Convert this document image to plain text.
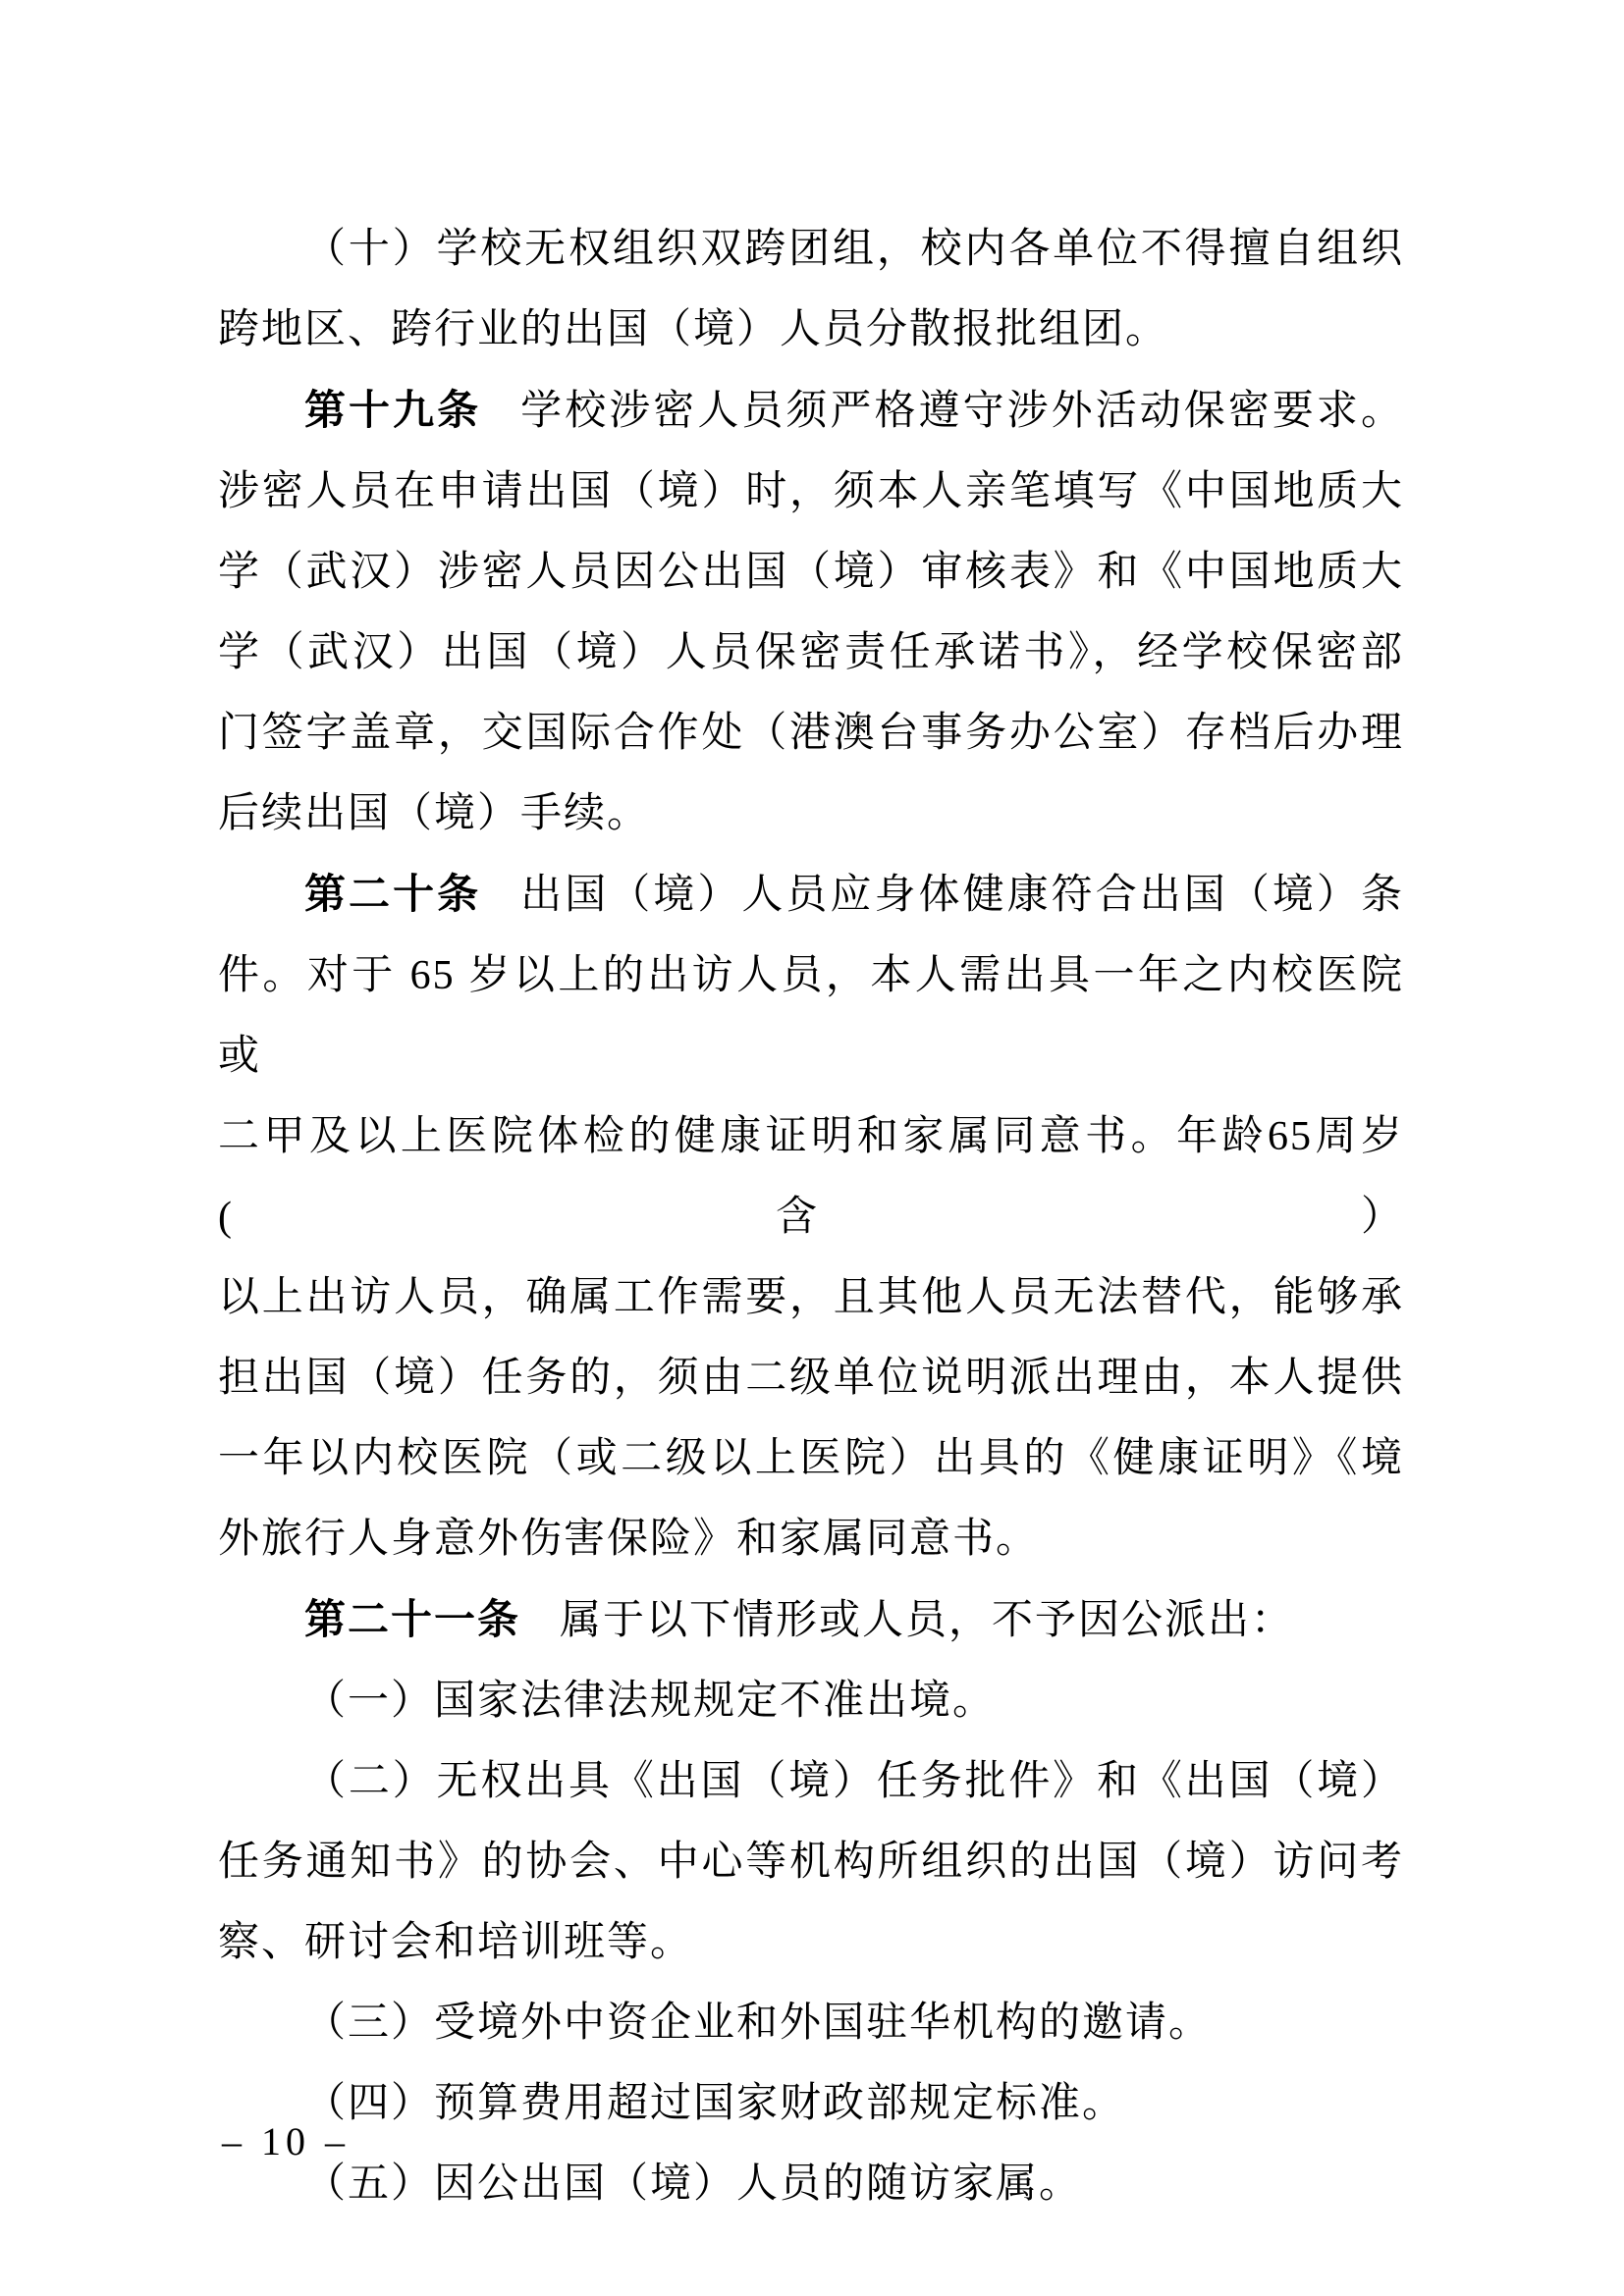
（十）学校无权组织双跨团组，校内各单位不得擅自组织
跨地区、跨行业的出国（境）人员分散报批组团。
第十九条 学校涉密人员须严格遵守涉外活动保密要求。
涉密人员在申请出国（境）时，须本人亲笔填写《中国地质大
学（武汉）涉密人员因公出国（境）审核表》和《中国地质大
学（武汉）出国（境）人员保密责任承诺书》，经学校保密部
门签字盖章，交国际合作处（港澳台事务办公室）存档后办理
后续出国（境）手续。
第二十条 出国（境）人员应身体健康符合出国（境）条
件。对于 65 岁以上的出访人员，本人需出具一年之内校医院或
二甲及以上医院体检的健康证明和家属同意书。年龄65周岁(含）
以上出访人员，确属工作需要，且其他人员无法替代，能够承
担出国（境）任务的，须由二级单位说明派出理由，本人提供
一年以内校医院（或二级以上医院）出具的《健康证明》《境
外旅行人身意外伤害保险》和家属同意书。
第二十一条 属于以下情形或人员，不予因公派出：
（一）国家法律法规规定不准出境。
（二）无权出具《出国（境）任务批件》和《出国（境）
任务通知书》的协会、中心等机构所组织的出国（境）访问考
察、研讨会和培训班等。
（三）受境外中资企业和外国驻华机构的邀请。
（四）预算费用超过国家财政部规定标准。
（五）因公出国（境）人员的随访家属。
– 10 –
